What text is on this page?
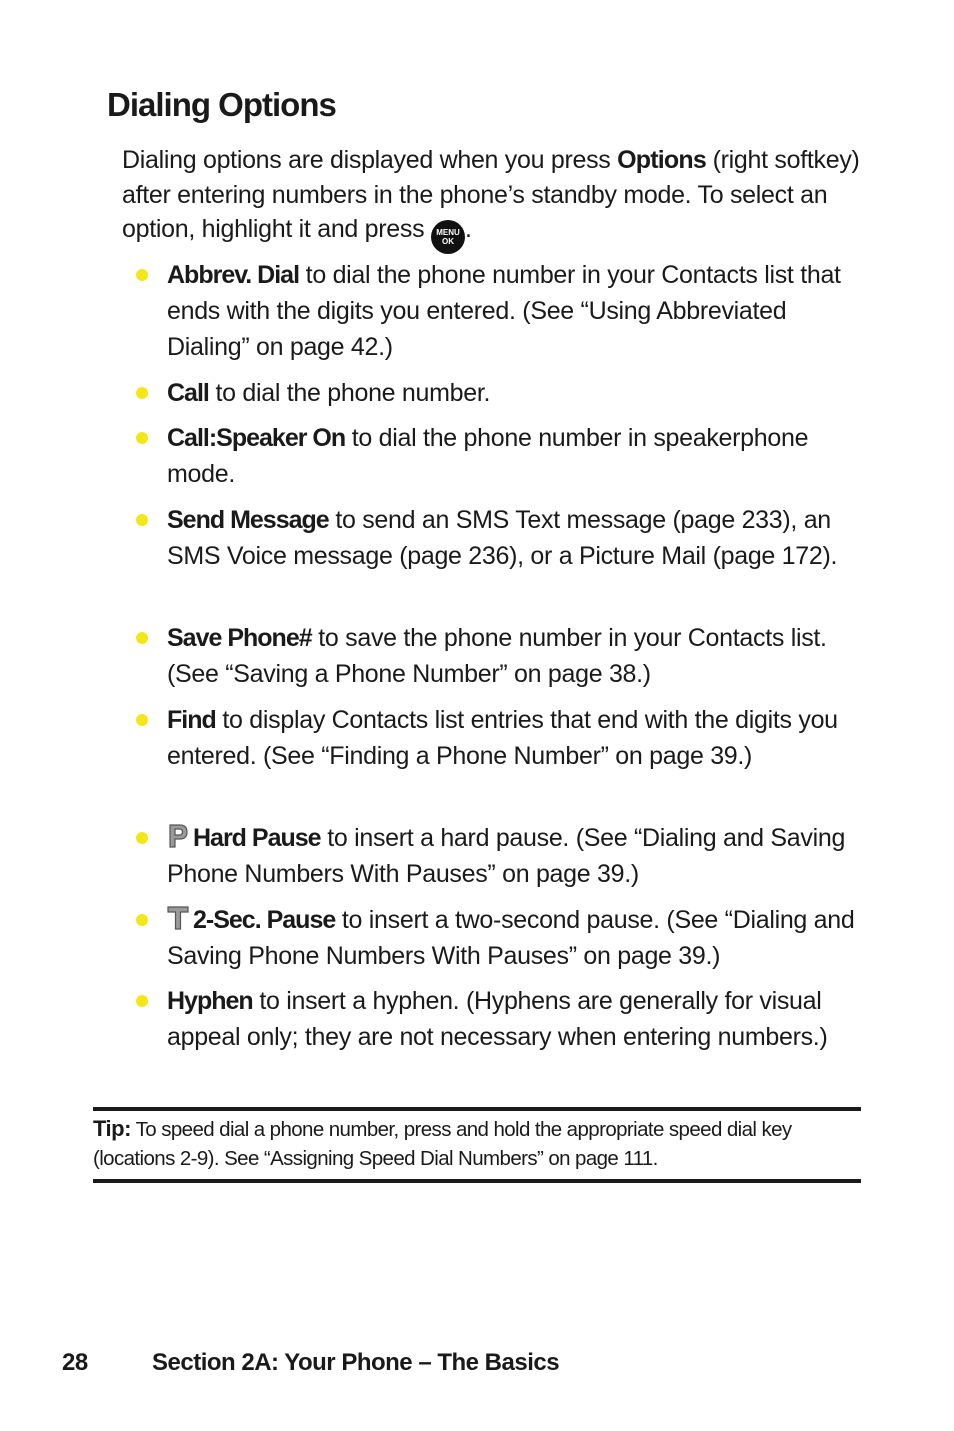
Dialing Options

Dialing options are displayed when you press Options (right softkey) after entering numbers in the phone’s standby mode. To select an option, highlight it and press MENU
OK .

Abbrev. Dial to dial the phone number in your Contacts list that ends with the digits you entered. (See “Using Abbreviated Dialing” on page 42.)
Call to dial the phone number.
Call:Speaker On to dial the phone number in speakerphone mode.
Send Message to send an SMS Text message (page 233), an SMS Voice message (page 236), or a Picture Mail (page 172).
Save Phone# to save the phone number in your Contacts list. (See “Saving a Phone Number” on page 38.)
Find to display Contacts list entries that end with the digits you entered. (See “Finding a Phone Number” on page 39.)
Hard Pause to insert a hard pause. (See “Dialing and Saving Phone Numbers With Pauses” on page 39.)
2-Sec. Pause to insert a two-second pause. (See “Dialing and Saving Phone Numbers With Pauses” on page 39.)
Hyphen to insert a hyphen. (Hyphens are generally for visual appeal only; they are not necessary when entering numbers.)

Tip: To speed dial a phone number, press and hold the appropriate speed dial key (locations 2-9). See “Assigning Speed Dial Numbers” on page 111.

28	Section 2A: Your Phone – The Basics
